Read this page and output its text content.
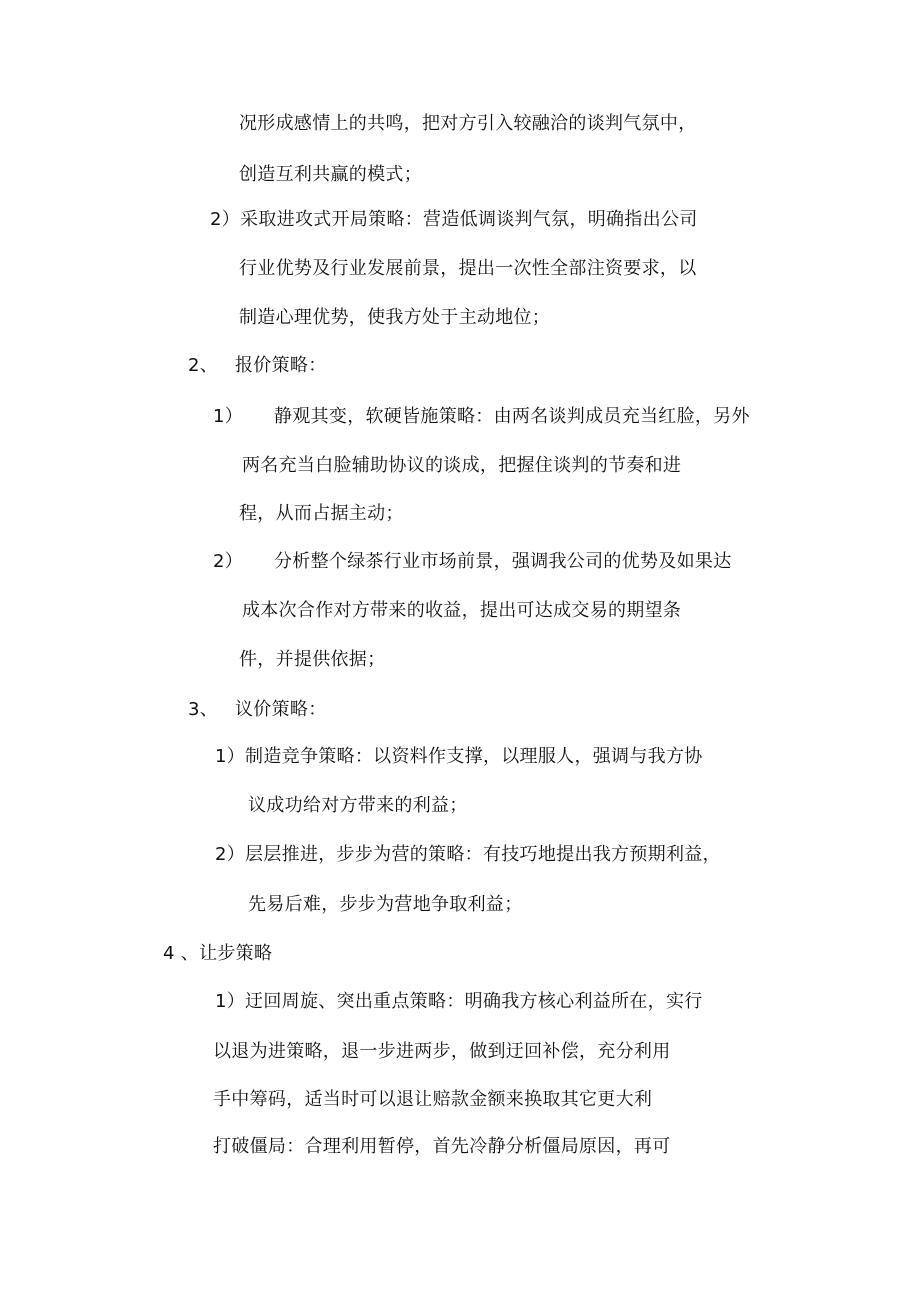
况形成感情上的共鸣，把对方引入较融洽的谈判气氛中，
创造互利共赢的模式；
2）采取进攻式开局策略：营造低调谈判气氛，明确指出公司
行业优势及行业发展前景，提出一次性全部注资要求，以
制造心理优势，使我方处于主动地位；
2、 报价策略：
1） 静观其变，软硬皆施策略：由两名谈判成员充当红脸，另外
两名充当白脸辅助协议的谈成，把握住谈判的节奏和进
程，从而占据主动；
2） 分析整个绿茶行业市场前景，强调我公司的优势及如果达
成本次合作对方带来的收益，提出可达成交易的期望条
件，并提供依据；
3、 议价策略：
1）制造竞争策略：以资料作支撑，以理服人，强调与我方协
议成功给对方带来的利益；
2）层层推进，步步为营的策略：有技巧地提出我方预期利益，
先易后难，步步为营地争取利益；
4 、让步策略
1）迂回周旋、突出重点策略：明确我方核心利益所在，实行
以退为进策略，退一步进两步，做到迂回补偿，充分利用
手中筹码，适当时可以退让赔款金额来换取其它更大利
打破僵局：合理利用暂停，首先冷静分析僵局原因，再可
